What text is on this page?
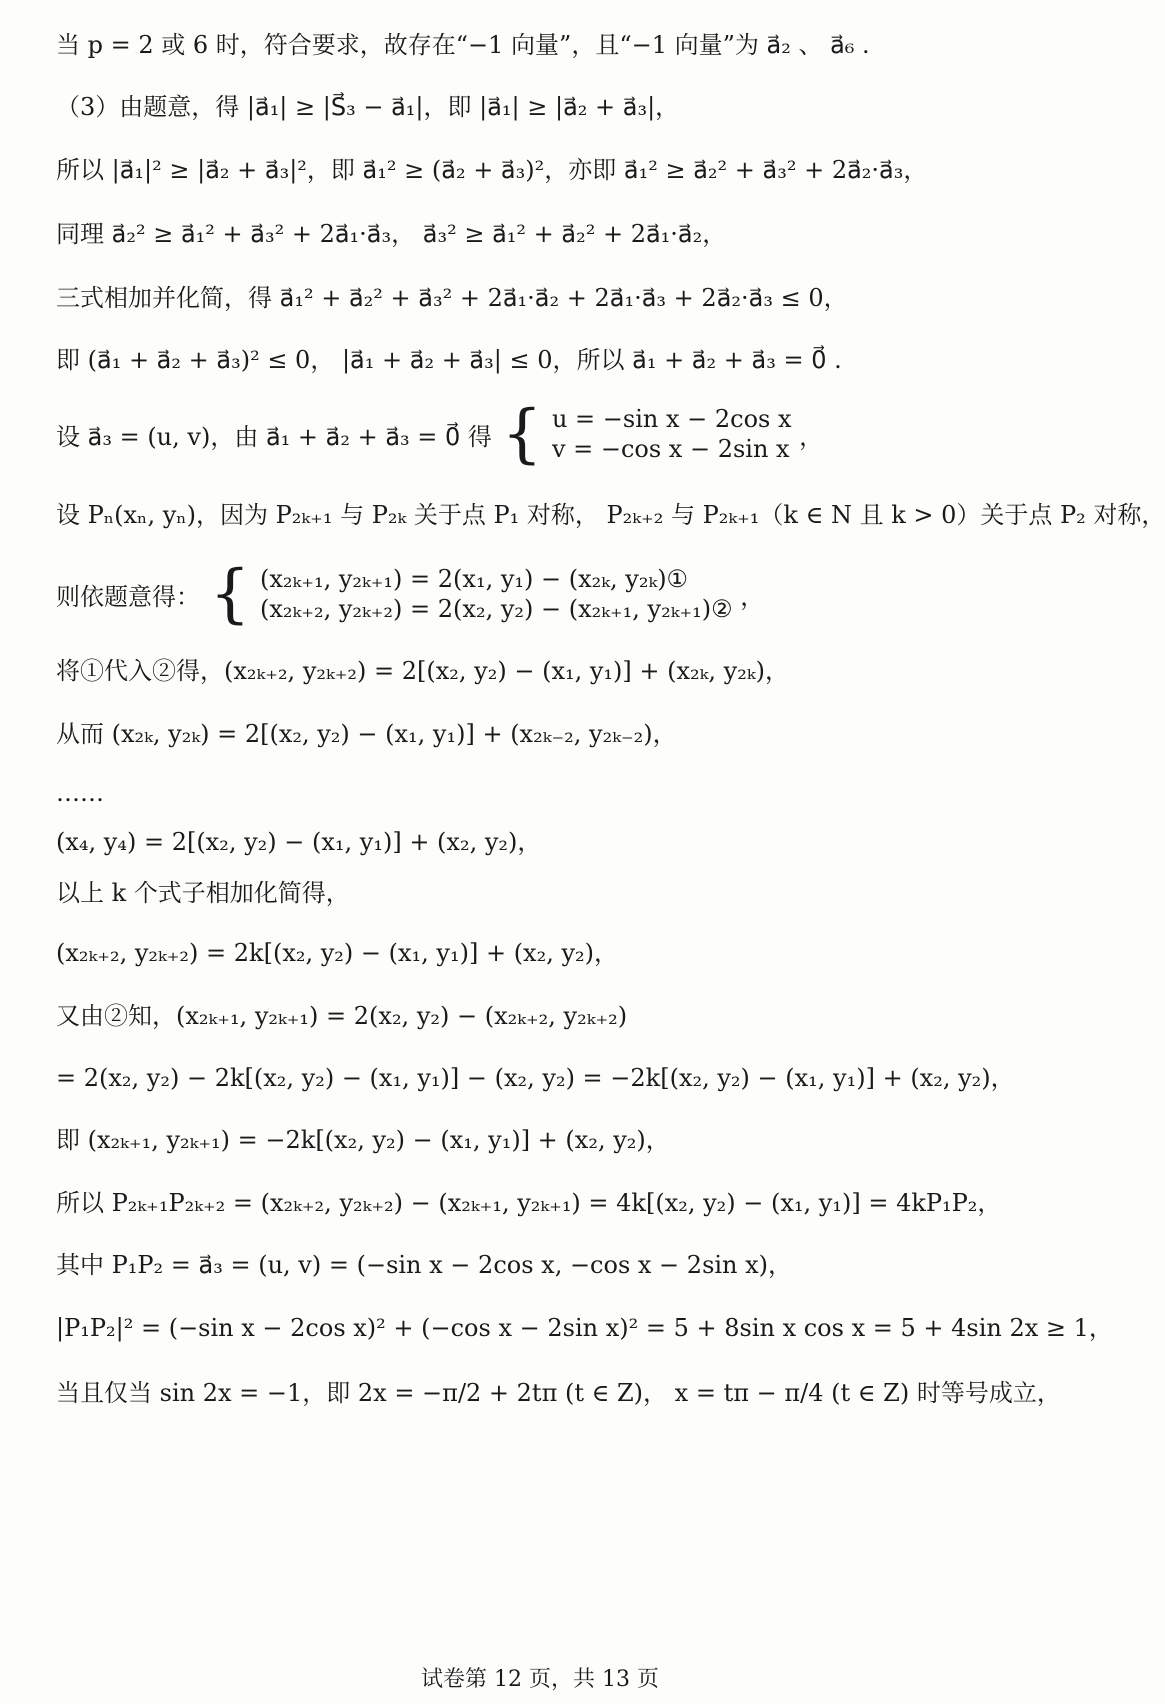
当 p = 2 或 6 时，符合要求，故存在“−1 向量”，且“−1 向量”为 a⃗₂ 、 a⃗₆ .
（3）由题意，得 |a⃗₁| ≥ |S⃗₃ − a⃗₁|，即 |a⃗₁| ≥ |a⃗₂ + a⃗₃|，
所以 |a⃗₁|² ≥ |a⃗₂ + a⃗₃|²，即 a⃗₁² ≥ (a⃗₂ + a⃗₃)²，亦即 a⃗₁² ≥ a⃗₂² + a⃗₃² + 2a⃗₂·a⃗₃，
同理 a⃗₂² ≥ a⃗₁² + a⃗₃² + 2a⃗₁·a⃗₃， a⃗₃² ≥ a⃗₁² + a⃗₂² + 2a⃗₁·a⃗₂，
三式相加并化简，得 a⃗₁² + a⃗₂² + a⃗₃² + 2a⃗₁·a⃗₂ + 2a⃗₁·a⃗₃ + 2a⃗₂·a⃗₃ ≤ 0，
即 (a⃗₁ + a⃗₂ + a⃗₃)² ≤ 0， |a⃗₁ + a⃗₂ + a⃗₃| ≤ 0，所以 a⃗₁ + a⃗₂ + a⃗₃ = 0⃗ .
设 a⃗₃ = (u, v)，由 a⃗₁ + a⃗₂ + a⃗₃ = 0⃗ 得 { u = −sin x − 2cos x
v = −cos x − 2sin x ，
设 Pₙ(xₙ, yₙ)，因为 P₂ₖ₊₁ 与 P₂ₖ 关于点 P₁ 对称， P₂ₖ₊₂ 与 P₂ₖ₊₁（k ∈ N 且 k > 0）关于点 P₂ 对称，
则依题意得： { (x₂ₖ₊₁, y₂ₖ₊₁) = 2(x₁, y₁) − (x₂ₖ, y₂ₖ)①
(x₂ₖ₊₂, y₂ₖ₊₂) = 2(x₂, y₂) − (x₂ₖ₊₁, y₂ₖ₊₁)② ，
将①代入②得，(x₂ₖ₊₂, y₂ₖ₊₂) = 2[(x₂, y₂) − (x₁, y₁)] + (x₂ₖ, y₂ₖ)，
从而 (x₂ₖ, y₂ₖ) = 2[(x₂, y₂) − (x₁, y₁)] + (x₂ₖ₋₂, y₂ₖ₋₂)，
……
(x₄, y₄) = 2[(x₂, y₂) − (x₁, y₁)] + (x₂, y₂)，
以上 k 个式子相加化简得，
(x₂ₖ₊₂, y₂ₖ₊₂) = 2k[(x₂, y₂) − (x₁, y₁)] + (x₂, y₂)，
又由②知，(x₂ₖ₊₁, y₂ₖ₊₁) = 2(x₂, y₂) − (x₂ₖ₊₂, y₂ₖ₊₂)
= 2(x₂, y₂) − 2k[(x₂, y₂) − (x₁, y₁)] − (x₂, y₂) = −2k[(x₂, y₂) − (x₁, y₁)] + (x₂, y₂)，
即 (x₂ₖ₊₁, y₂ₖ₊₁) = −2k[(x₂, y₂) − (x₁, y₁)] + (x₂, y₂)，
所以 P₂ₖ₊₁P₂ₖ₊₂ = (x₂ₖ₊₂, y₂ₖ₊₂) − (x₂ₖ₊₁, y₂ₖ₊₁) = 4k[(x₂, y₂) − (x₁, y₁)] = 4kP₁P₂，
其中 P₁P₂ = a⃗₃ = (u, v) = (−sin x − 2cos x, −cos x − 2sin x)，
|P₁P₂|² = (−sin x − 2cos x)² + (−cos x − 2sin x)² = 5 + 8sin x cos x = 5 + 4sin 2x ≥ 1，
当且仅当 sin 2x = −1，即 2x = −π/2 + 2tπ (t ∈ Z)， x = tπ − π/4 (t ∈ Z) 时等号成立，
试卷第 12 页，共 13 页
